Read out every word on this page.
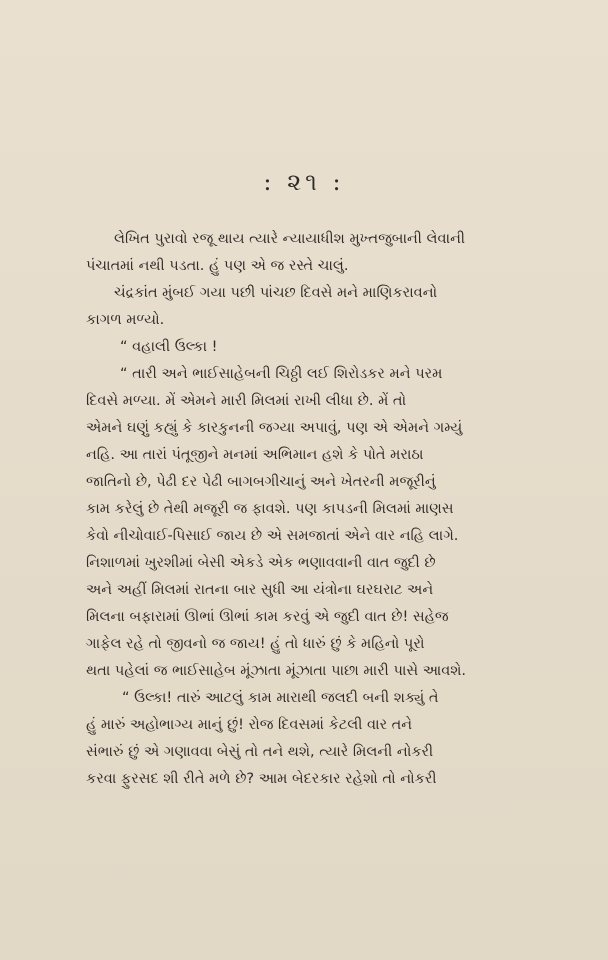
: ૨૧ :
લેખિત પુરાવો રજૂ થાય ત્યારે ન્યાયાધીશ મુખ્તજુબાની લેવાની
પંચાતમાં નથી પડતા. હું પણ એ જ રસ્તે ચાલું.
ચંદ્રકાંત મુંબઈ ગયા પછી પાંચછ દિવસે મને માણિકરાવનો
કાગળ મળ્યો.
“ વહાલી ઉલ્કા !
“ તારી અને ભાઈસાહેબની ચિઠ્ઠી લઈ શિરોડકર મને પરમ
દિવસે મળ્યા. મેં એમને મારી મિલમાં રાખી લીધા છે. મેં તો
એમને ઘણું કહ્યું કે કારકુનની જગ્યા અપાવું, પણ એ એમને ગમ્યું
નહિ. આ તારાં પંતૂજીને મનમાં અભિમાન હશે કે પોતે મરાઠા
જાતિનો છે, પેઢી દર પેઢી બાગબગીચાનું અને ખેતરની મજૂરીનું
કામ કરેલું છે તેથી મજૂરી જ ફાવશે. પણ કાપડની મિલમાં માણસ
કેવો નીચોવાઈ-પિસાઈ જાય છે એ સમજાતાં એને વાર નહિ લાગે.
નિશાળમાં ખુરશીમાં બેસી એકડે એક ભણાવવાની વાત જુદી છે
અને અહીં મિલમાં રાતના બાર સુધી આ યંત્રોના ઘરઘરાટ અને
મિલના બફારામાં ઊભાં ઊભાં કામ કરવું એ જુદી વાત છે! સહેજ
ગાફેલ રહે તો જીવનો જ જાય! હું તો ધારું છું કે મહિનો પૂરો
થતા પહેલાં જ ભાઈસાહેબ મૂંઝાતા મૂંઝાતા પાછા મારી પાસે આવશે.
“ ઉલ્કા! તારું આટલું કામ મારાથી જલદી બની શક્યું તે
હું મારું અહોભાગ્ય માનું છું! રોજ દિવસમાં કેટલી વાર તને
સંભારું છું એ ગણાવવા બેસું તો તને થશે, ત્યારે મિલની નોકરી
કરવા ફુરસદ શી રીતે મળે છે? આમ બેદરકાર રહેશો તો નોકરી
